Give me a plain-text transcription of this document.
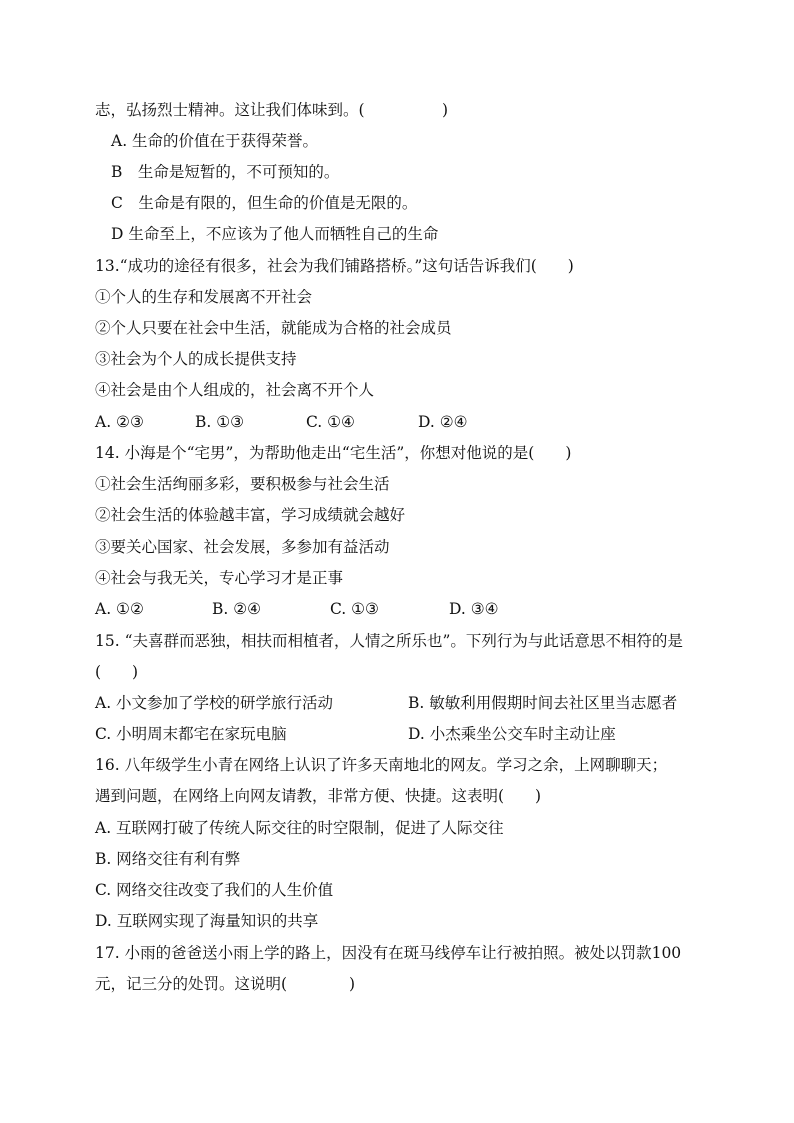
志，弘扬烈士精神。这让我们体味到。(　　　　　)
A. 生命的价值在于获得荣誉。
B　生命是短暂的，不可预知的。
C　生命是有限的，但生命的价值是无限的。
D 生命至上，不应该为了他人而牺牲自己的生命
13.“成功的途径有很多，社会为我们铺路搭桥。”这句话告诉我们(　　)
①个人的生存和发展离不开社会
②个人只要在社会中生活，就能成为合格的社会成员
③社会为个人的成长提供支持
④社会是由个人组成的，社会离不开个人
A. ②③	B. ①③	C. ①④	D. ②④
14. 小海是个“宅男”，为帮助他走出“宅生活”，你想对他说的是(　　)
①社会生活绚丽多彩，要积极参与社会生活
②社会生活的体验越丰富，学习成绩就会越好
③要关心国家、社会发展，多参加有益活动
④社会与我无关，专心学习才是正事
A. ①②	B. ②④	C. ①③	D. ③④
15. “夫喜群而恶独，相扶而相植者，人情之所乐也”。下列行为与此话意思不相符的是
(　　)
A. 小文参加了学校的研学旅行活动	B. 敏敏利用假期时间去社区里当志愿者
C. 小明周末都宅在家玩电脑	D. 小杰乘坐公交车时主动让座
16. 八年级学生小青在网络上认识了许多天南地北的网友。学习之余，上网聊聊天；
遇到问题，在网络上向网友请教，非常方便、快捷。这表明(　　)
A. 互联网打破了传统人际交往的时空限制，促进了人际交往
B. 网络交往有利有弊
C. 网络交往改变了我们的人生价值
D. 互联网实现了海量知识的共享
17. 小雨的爸爸送小雨上学的路上，因没有在斑马线停车让行被拍照。被处以罚款100
元，记三分的处罚。这说明(　　　　)
